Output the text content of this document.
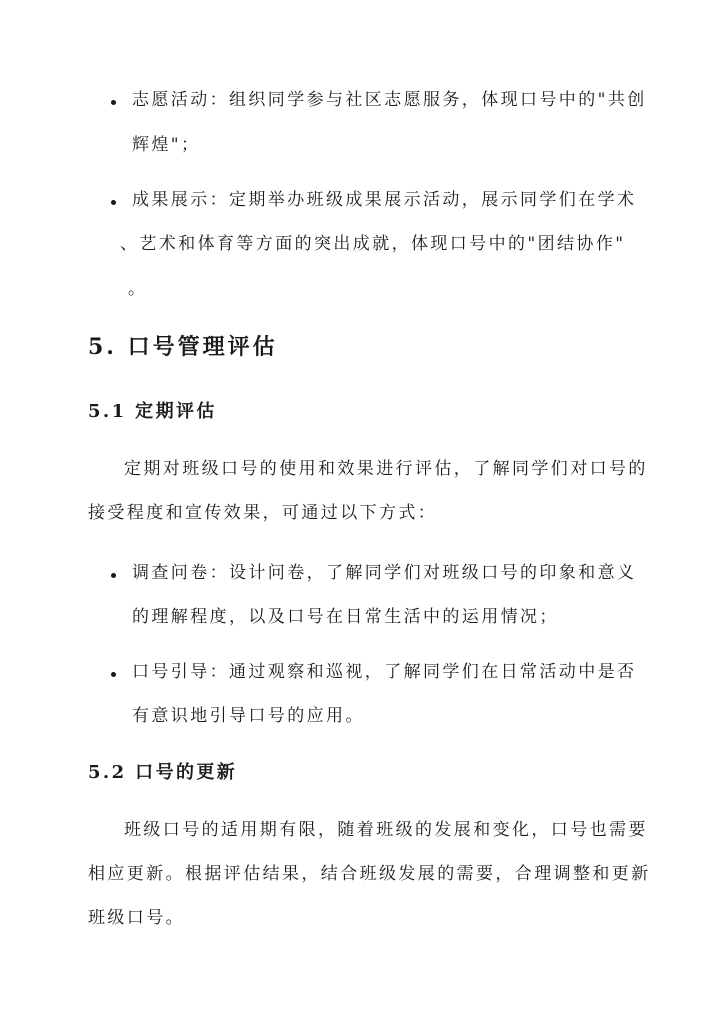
志愿活动：组织同学参与社区志愿服务，体现口号中的"共创
辉煌"；
成果展示：定期举办班级成果展示活动，展示同学们在学术
、艺术和体育等方面的突出成就，体现口号中的"团结协作"
。
5. 口号管理评估
5.1 定期评估
定期对班级口号的使用和效果进行评估，了解同学们对口号的
接受程度和宣传效果，可通过以下方式：
调查问卷：设计问卷，了解同学们对班级口号的印象和意义
的理解程度，以及口号在日常生活中的运用情况；
口号引导：通过观察和巡视，了解同学们在日常活动中是否
有意识地引导口号的应用。
5.2 口号的更新
班级口号的适用期有限，随着班级的发展和变化，口号也需要
相应更新。根据评估结果，结合班级发展的需要，合理调整和更新
班级口号。
